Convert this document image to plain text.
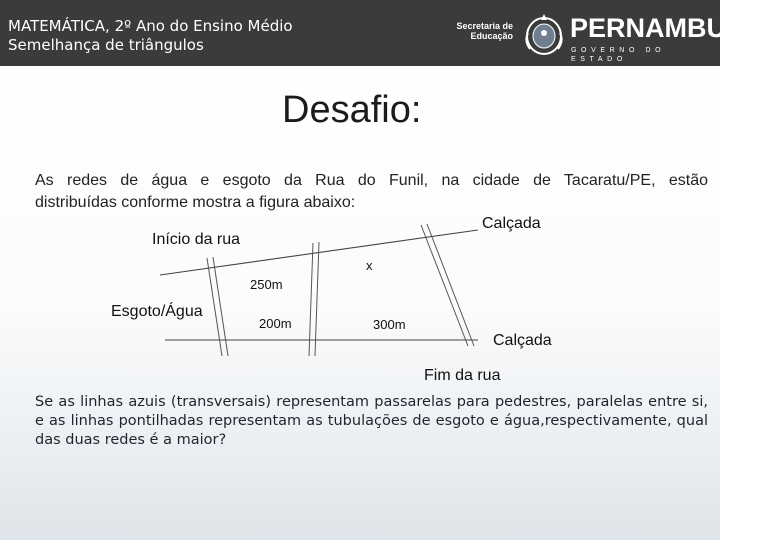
MATEMÁTICA, 2º Ano do Ensino Médio
Semelhança de triângulos
Secretaria de
Educação PERNAMBUCO
GOVERNO DO ESTADO
Desafio:
As redes de água e esgoto da Rua do Funil, na cidade de Tacaratu/PE, estão
distribuídas conforme mostra a figura abaixo:
Calçada
Início da rua
x
250m
Esgoto/Água
200m	300m
Calçada
Fim da rua
Se as linhas azuis (transversais) representam passarelas para pedestres, paralelas entre si, e as linhas pontilhadas representam as tubulações de esgoto e água,respectivamente, qual das duas redes é a maior?
